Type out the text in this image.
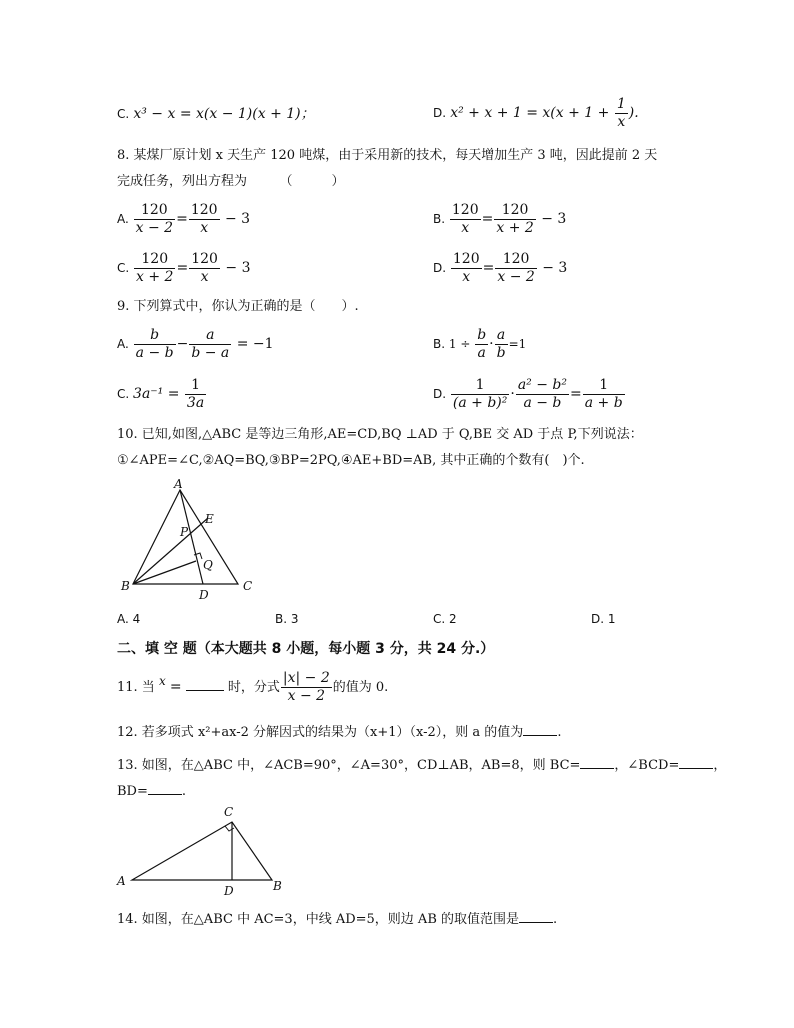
C. x³ − x = x(x − 1)(x + 1)；	D. $x^2 + x + 1 = x(x + 1 + \frac{1}{x}$ ).
8. 某煤厂原计划 x 天生产 120 吨煤，由于采用新的技术，每天增加生产 3 吨，因此提前 2 天
完成任务，列出方程为　　　（　　　）
A. $\frac{120}{x - 2} = \frac{120}{x} - 3$	B. $\frac{120}{x} = \frac{120}{x + 2} - 3$
C. $\frac{120}{x + 2} = \frac{120}{x} - 3$	D. $\frac{120}{x} = \frac{120}{x - 2} - 3$
9. 下列算式中，你认为正确的是（　　）.
A. $\frac{b}{a - b} - \frac{a}{b - a} = -1$	B. $1 \div \frac{b}{a} \cdot \frac{a}{b} =1$
C. $3a^{-1} = \frac{1}{3a}$	D. $\frac{1}{\text{(a + b)²}} \cdot \frac{\text{a² − b²}}{a - b} = \frac{1}{a + b}$
10. 已知,如图,△ABC 是等边三角形,AE=CD,BQ ⊥AD 于 Q,BE 交 AD 于点 P,下列说法：
①∠APE=∠C,②AQ=BQ,③BP=2PQ,④AE+BD=AB, 其中正确的个数有(　)个.
A
B	C
D
E
P
Q
A. 4	B. 3	C. 2	D. 1
二、填 空 题（本大题共 8 小题，每小题 3 分，共 24 分.）
11. 当 x =	时，分式 $\frac{|x| - 2}{x - 2}$ 的值为 0.
12. 若多项式 x²+ax-2 分解因式的结果为（x+1）（x-2），则 a 的值为	.
13. 如图，在△ABC 中，∠ACB=90°，∠A=30°，CD⊥AB，AB=8，则 BC=	，∠BCD=	，
BD=	.
C
A	B
D
14. 如图，在△ABC 中 AC=3，中线 AD=5，则边 AB 的取值范围是	.
